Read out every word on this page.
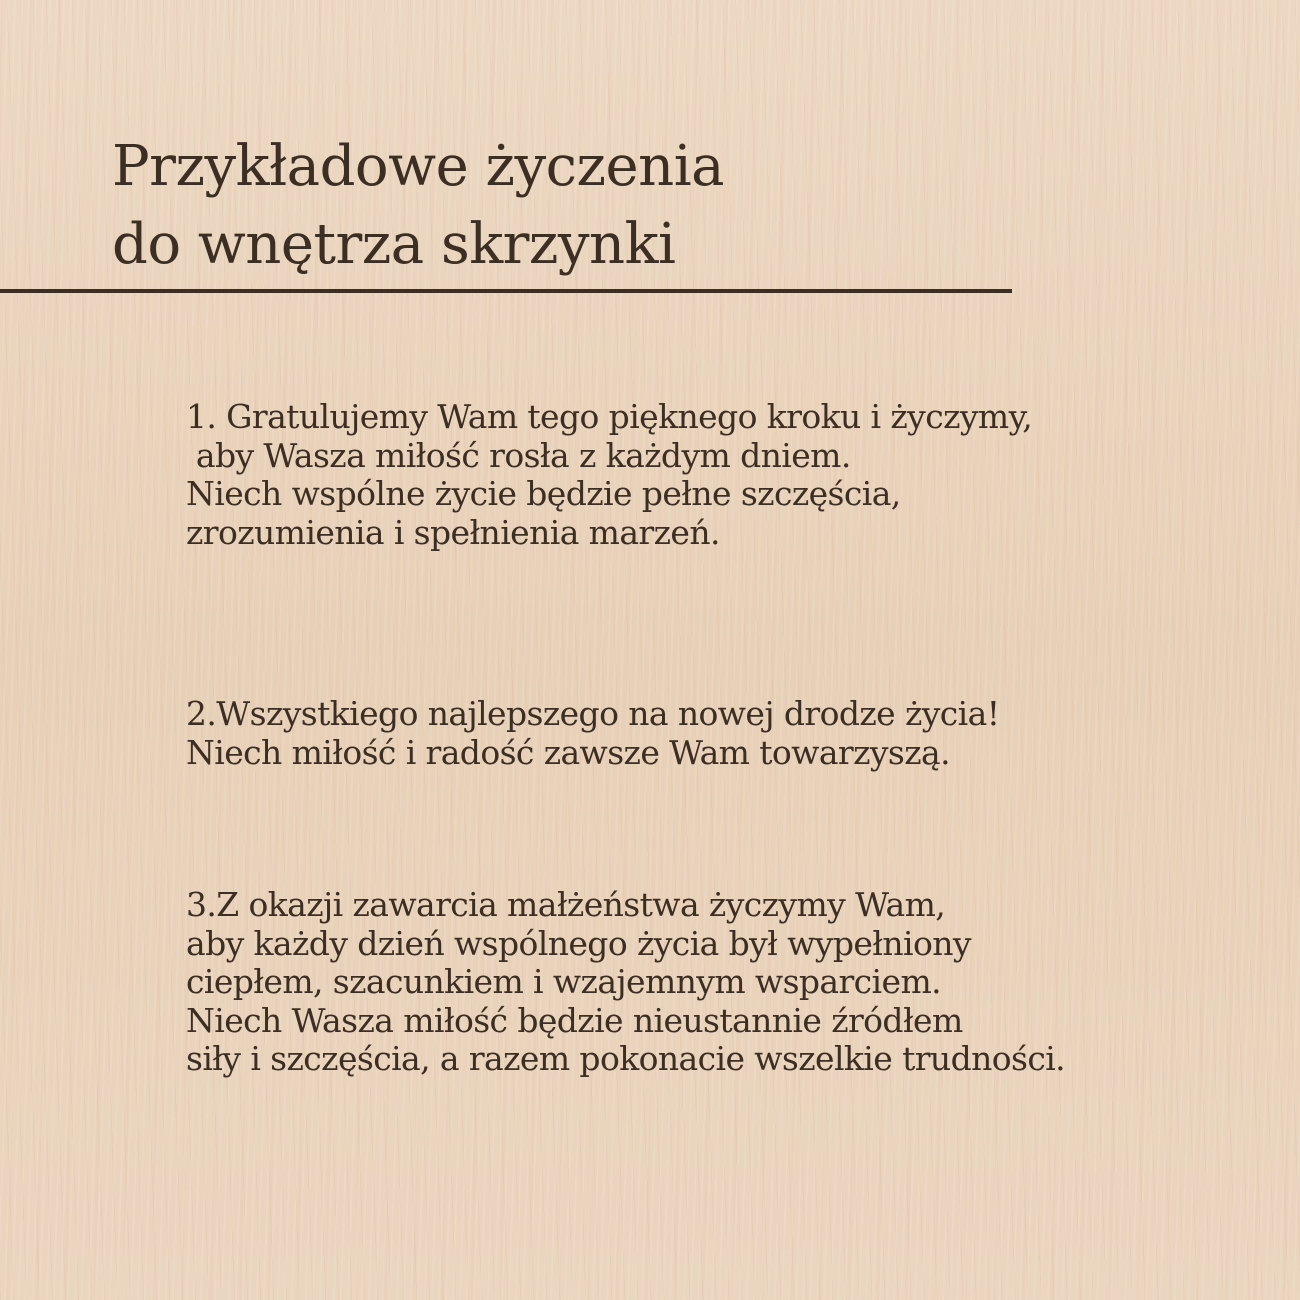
Przykładowe życzenia
do wnętrza skrzynki
1. Gratulujemy Wam tego pięknego kroku i życzymy,
aby Wasza miłość rosła z każdym dniem.
Niech wspólne życie będzie pełne szczęścia,
zrozumienia i spełnienia marzeń.
2.Wszystkiego najlepszego na nowej drodze życia!
Niech miłość i radość zawsze Wam towarzyszą.
3.Z okazji zawarcia małżeństwa życzymy Wam,
aby każdy dzień wspólnego życia był wypełniony
ciepłem, szacunkiem i wzajemnym wsparciem.
Niech Wasza miłość będzie nieustannie źródłem
siły i szczęścia, a razem pokonacie wszelkie trudności.
